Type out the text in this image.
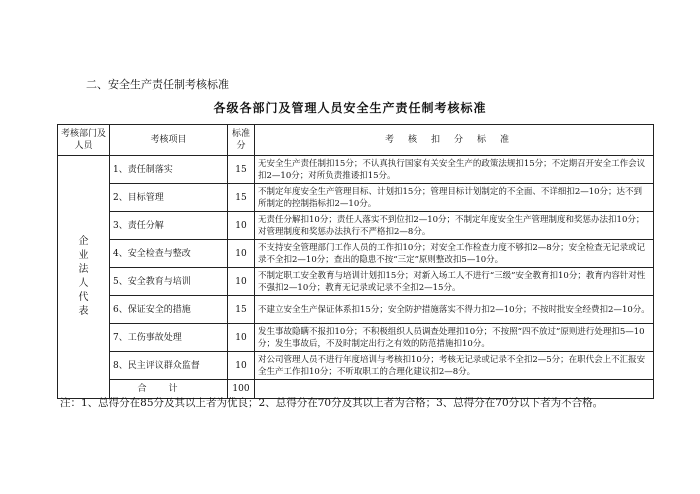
二、安全生产责任制考核标准
各级各部门及管理人员安全生产责任制考核标准
考核部门及人员	考核项目	标准分	考核扣分标准
企业法人代表	1、责任制落实	15	无安全生产责任制扣15分；不认真执行国家有关安全生产的政策法规扣15分；不定期召开安全工作会议扣2—10分；对所负责推诿扣15分。
	2、目标管理	15	不制定年度安全生产管理目标、计划扣15分；管理目标计划制定的不全面、不详细扣2—10分；达不到所制定的控制指标扣2—10分。
	3、责任分解	10	无责任分解扣10分；责任人落实不到位扣2—10分；不制定年度安全生产管理制度和奖惩办法扣10分；对管理制度和奖惩办法执行不严格扣2—8分。
	4、安全检查与整改	10	不支持安全管理部门工作人员的工作扣10分；对安全工作检查力度不够扣2—8分；安全检查无记录或记录不全扣2—10分；查出的隐患不按“三定”原则整改扣5—10分。
	5、安全教育与培训	10	不制定职工安全教育与培训计划扣15分；对新入场工人不进行“三级”安全教育扣10分；教育内容针对性不强扣2—10分；教育无记录或记录不全扣2—15分。
	6、保证安全的措施	15	不建立安全生产保证体系扣15分；安全防护措施落实不得力扣2—10分；不按时批安全经费扣2—10分。
	7、工伤事故处理	10	发生事故隐瞒不报扣10分；不积极组织人员调查处理扣10分；不按照“四不放过”原则进行处理扣5—10分；发生事故后，不及时制定出行之有效的防范措施扣10分。
	8、民主评议群众监督	10	对公司管理人员不进行年度培训与考核扣10分；考核无记录或记录不全扣2—5分；在职代会上不汇报安全生产工作扣10分；不听取职工的合理化建议扣2—8分。
	合计	100	
注：1、总得分在85分及其以上者为优良；2、总得分在70分及其以上者为合格；3、总得分在70分以下者为不合格。
